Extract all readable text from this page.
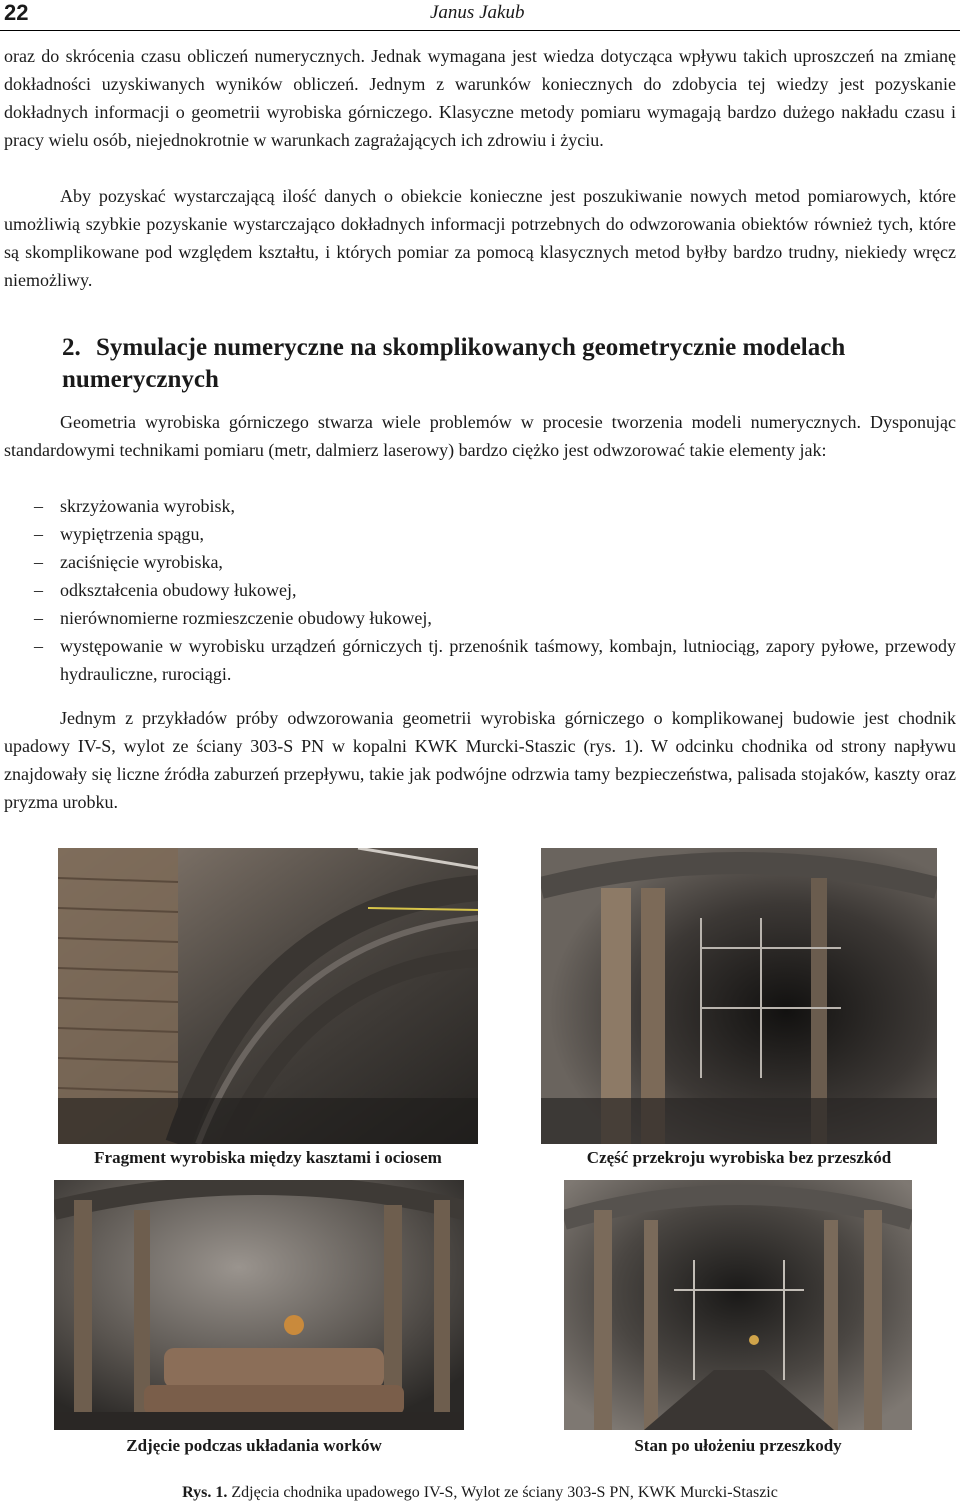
22	Janus Jakub

oraz do skrócenia czasu obliczeń numerycznych. Jednak wymagana jest wiedza dotycząca wpływu takich uproszczeń na zmianę dokładności uzyskiwanych wyników obliczeń. Jednym z warunków koniecznych do zdobycia tej wiedzy jest pozyskanie dokładnych informacji o geometrii wyrobiska górniczego. Klasyczne metody pomiaru wymagają bardzo dużego nakładu czasu i pracy wielu osób, niejednokrotnie w warunkach zagrażających ich zdrowiu i życiu.

Aby pozyskać wystarczającą ilość danych o obiekcie konieczne jest poszukiwanie nowych metod pomiarowych, które umożliwią szybkie pozyskanie wystarczająco dokładnych informacji potrzebnych do odwzorowania obiektów również tych, które są skomplikowane pod względem kształtu, i których pomiar za pomocą klasycznych metod byłby bardzo trudny, niekiedy wręcz niemożliwy.

2. Symulacje numeryczne na skomplikowanych geometrycznie modelach numerycznych

Geometria wyrobiska górniczego stwarza wiele problemów w procesie tworzenia modeli numerycznych. Dysponując standardowymi technikami pomiaru (metr, dalmierz laserowy) bardzo ciężko jest odwzorować takie elementy jak:

– skrzyżowania wyrobisk,
– wypiętrzenia spągu,
– zaciśnięcie wyrobiska,
– odkształcenia obudowy łukowej,
– nierównomierne rozmieszczenie obudowy łukowej,
– występowanie w wyrobisku urządzeń górniczych tj. przenośnik taśmowy, kombajn, lutniociąg, zapory pyłowe, przewody hydrauliczne, rurociągi.

Jednym z przykładów próby odwzorowania geometrii wyrobiska górniczego o komplikowanej budowie jest chodnik upadowy IV-S, wylot ze ściany 303-S PN w kopalni KWK Murcki-Staszic (rys. 1). W odcinku chodnika od strony napływu znajdowały się liczne źródła zaburzeń przepływu, takie jak podwójne odrzwia tamy bezpieczeństwa, palisada stojaków, kaszty oraz pryzma urobku.

Fragment wyrobiska między kasztami i ociosem	Część przekroju wyrobiska bez przeszkód
Zdjęcie podczas układania worków	Stan po ułożeniu przeszkody
Rys. 1. Zdjęcia chodnika upadowego IV-S, Wylot ze ściany 303-S PN, KWK Murcki-Staszic
